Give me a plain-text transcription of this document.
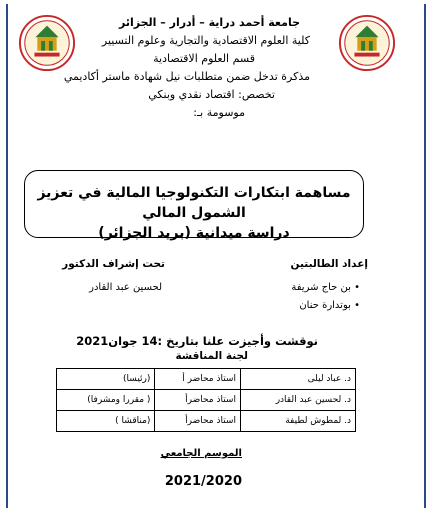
جامعة أحمد دراية – أدرار – الجزائر
كلية العلوم الاقتصادية والتجارية وعلوم التسيير
قسم العلوم الاقتصادية
مذكرة تدخل ضمن متطلبات نيل شهادة ماستر أكاديمي
تخصص: اقتصاد نقدي وبنكي
موسومة بـ:
مساهمة ابتكارات التكنولوجيا المالية في تعزيز الشمول المالي
دراسة ميدانية (بريد الجزائر)
إعداد الطالبتين
• بن حاج شريفة
• بوتدارة حنان
تحت إشراف الدكتور
لحسين عبد القادر
نوقشت وأجيزت علنا بتاريخ :14 جوان2021
لجنة المناقشة
د. عباد ليلى	استاذ محاضر أ	(رئيسا)
د. لحسين عبد القادر	استاذ محاضرأ	( مقررا ومشرفا)
د. لمطوش لطيفة	استاذ محاضرأ	(مناقشا )
الموسم الجامعي
2021/2020
